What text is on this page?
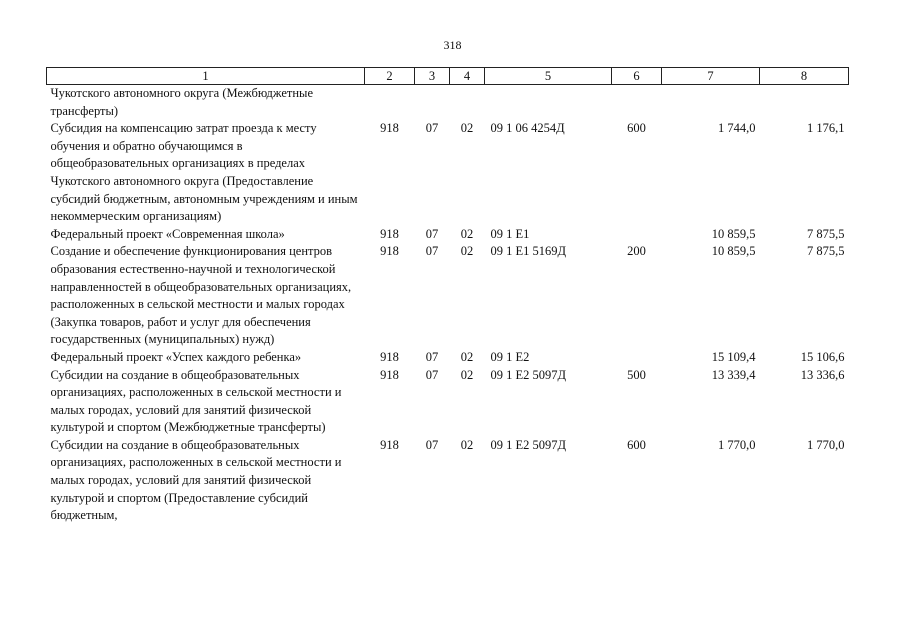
318
1	2	3	4	5	6	7	8
Чукотского автономного округа (Межбюджетные трансферты)							
Субсидия на компенсацию затрат проезда к месту обучения и обратно обучающимся в общеобразовательных организациях в пределах Чукотского автономного округа (Предоставление субсидий бюджетным, автономным учреждениям и иным некоммерческим организациям)	918	07	02	09 1 06 4254Д	600	1 744,0	1 176,1
Федеральный проект «Современная школа»	918	07	02	09 1 E1		10 859,5	7 875,5
Создание и обеспечение функционирования центров образования естественно-научной и технологической направленностей в общеобразовательных организациях, расположенных в сельской местности и малых городах (Закупка товаров, работ и услуг для обеспечения государственных (муниципальных) нужд)	918	07	02	09 1 E1 5169Д	200	10 859,5	7 875,5
Федеральный проект «Успех каждого ребенка»	918	07	02	09 1 E2		15 109,4	15 106,6
Субсидии на создание в общеобразовательных организациях, расположенных в сельской местности и малых городах, условий для занятий физической культурой и спортом (Межбюджетные трансферты)	918	07	02	09 1 E2 5097Д	500	13 339,4	13 336,6
Субсидии на создание в общеобразовательных организациях, расположенных в сельской местности и малых городах, условий для занятий физической культурой и спортом (Предоставление субсидий бюджетным,	918	07	02	09 1 E2 5097Д	600	1 770,0	1 770,0
